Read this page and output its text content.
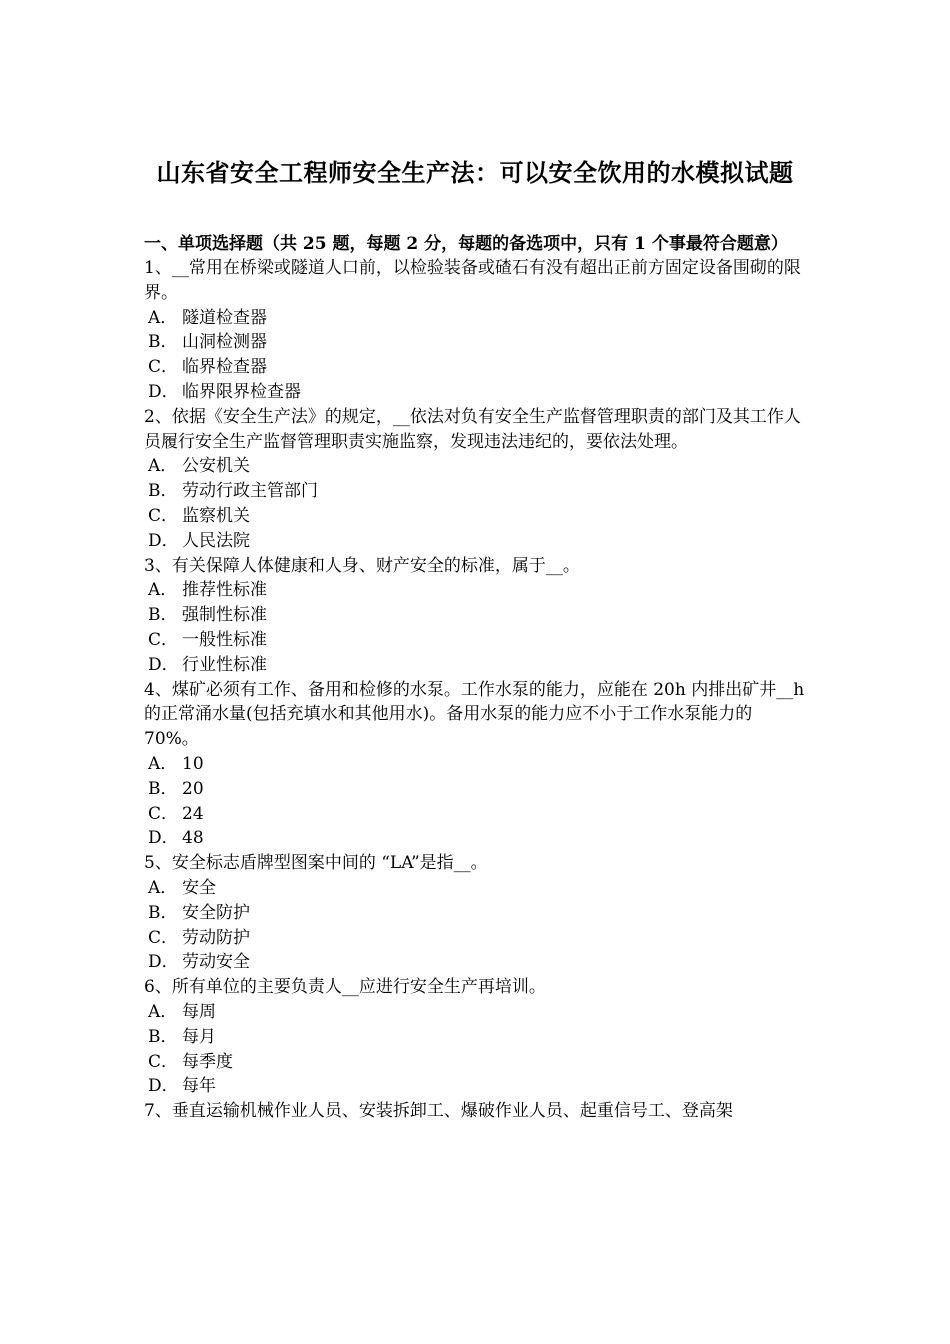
山东省安全工程师安全生产法：可以安全饮用的水模拟试题
一、单项选择题（共 25 题，每题 2 分，每题的备选项中，只有 1 个事最符合题意）

1、__常用在桥梁或隧道人口前，以检验装备或碴石有没有超出正前方固定设备围砌的限界。

A． 隧道检查器
B． 山洞检测器
C． 临界检查器
D． 临界限界检查器

2、依据《安全生产法》的规定，__依法对负有安全生产监督管理职责的部门及其工作人员履行安全生产监督管理职责实施监察，发现违法违纪的，要依法处理。

A． 公安机关
B． 劳动行政主管部门
C． 监察机关
D． 人民法院

3、有关保障人体健康和人身、财产安全的标准，属于__。

A． 推荐性标准
B． 强制性标准
C． 一般性标准
D． 行业性标准

4、煤矿必须有工作、备用和检修的水泵。工作水泵的能力，应能在 20h 内排出矿井__h 的正常涌水量(包括充填水和其他用水)。备用水泵的能力应不小于工作水泵能力的 70%。

A． 10
B． 20
C． 24
D． 48

5、安全标志盾牌型图案中间的 “LA”是指__。

A． 安全
B． 安全防护
C． 劳动防护
D． 劳动安全

6、所有单位的主要负责人__应进行安全生产再培训。

A． 每周
B． 每月
C． 每季度
D． 每年

7、垂直运输机械作业人员、安装拆卸工、爆破作业人员、起重信号工、登高架
